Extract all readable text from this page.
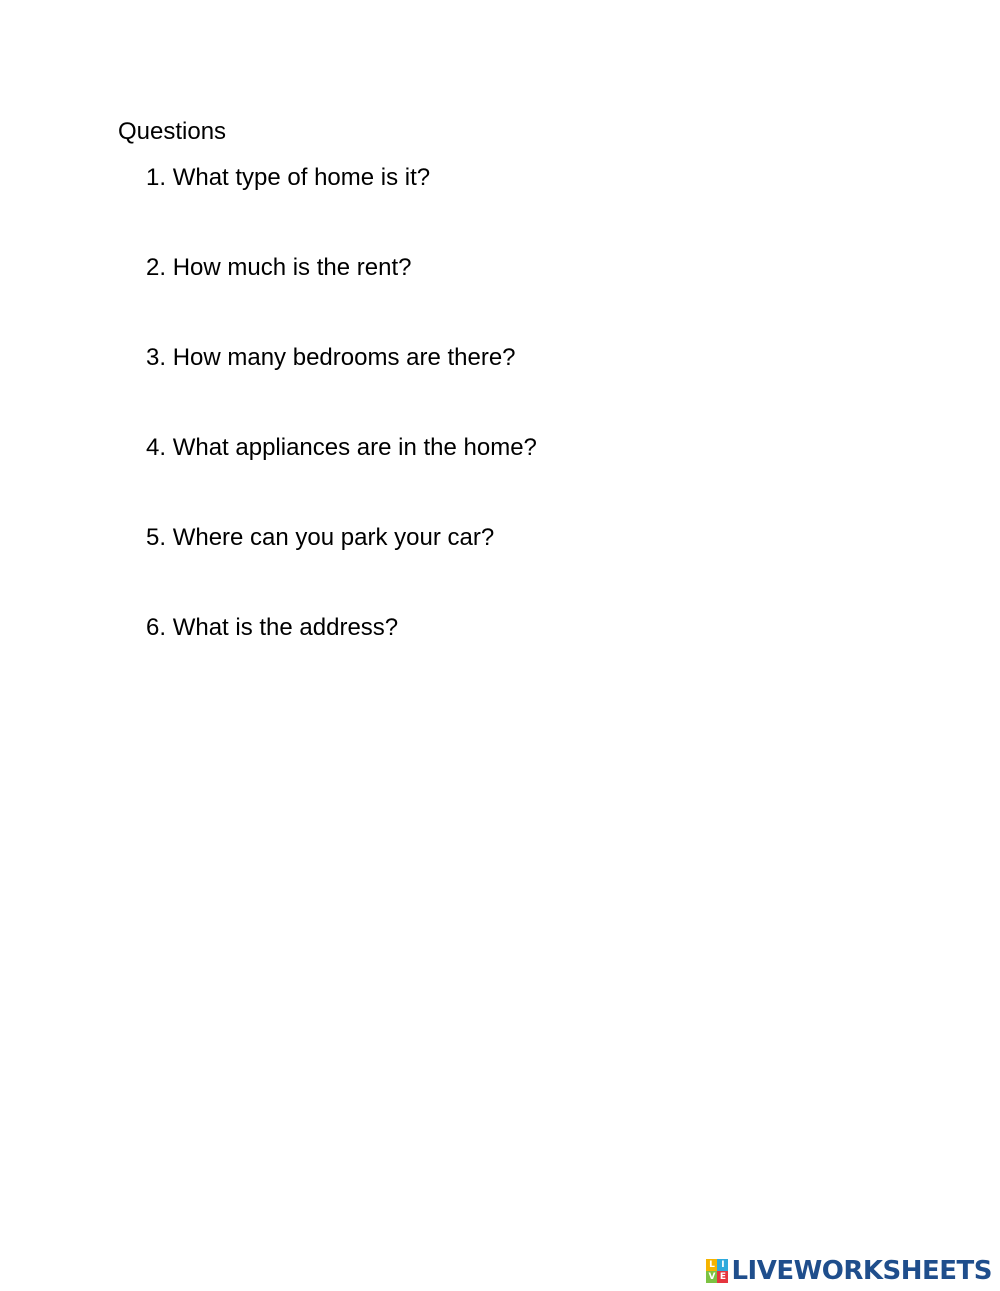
Questions
1. What type of home is it?
2. How much is the rent?
3. How many bedrooms are there?
4. What appliances are in the home?
5. Where can you park your car?
6. What is the address?
L I
V E LIVEWORKSHEETS
